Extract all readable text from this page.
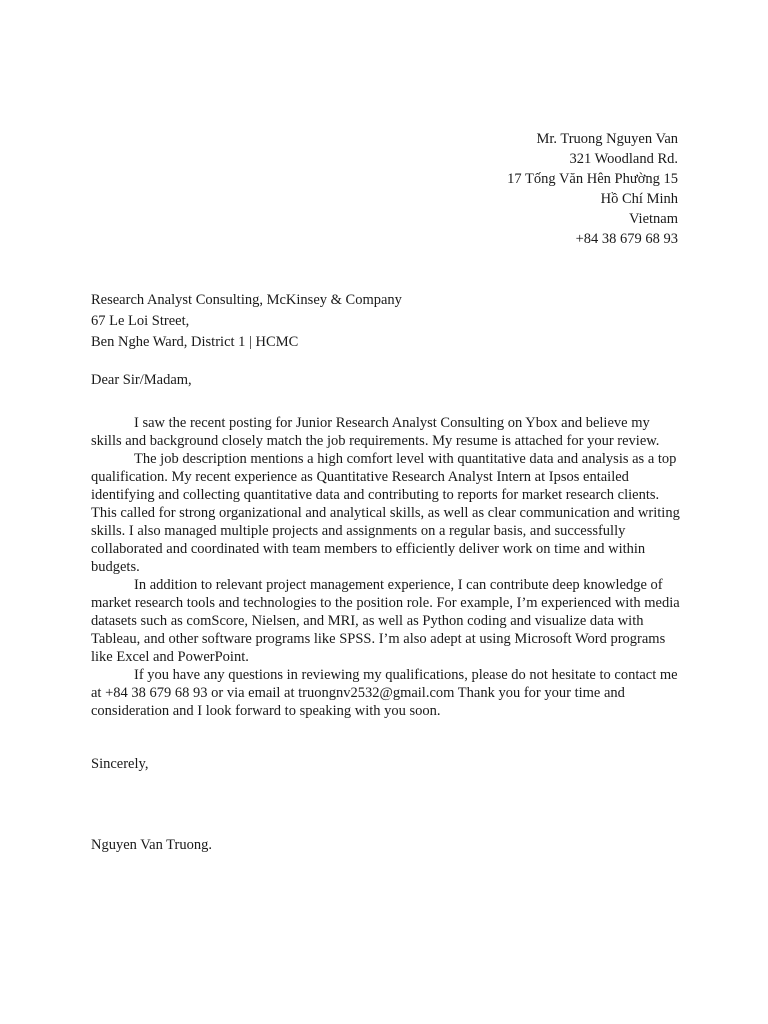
Mr. Truong Nguyen Van
321 Woodland Rd.
17 Tống Văn Hên Phường 15
Hồ Chí Minh
Vietnam
+84 38 679 68 93
Research Analyst Consulting, McKinsey & Company
67 Le Loi Street,
Ben Nghe Ward, District 1 | HCMC
Dear Sir/Madam,

I saw the recent posting for Junior Research Analyst Consulting on Ybox and believe my skills and background closely match the job requirements. My resume is attached for your review.

The job description mentions a high comfort level with quantitative data and analysis as a top qualification. My recent experience as Quantitative Research Analyst Intern at Ipsos entailed identifying and collecting quantitative data and contributing to reports for market research clients. This called for strong organizational and analytical skills, as well as clear communication and writing skills. I also managed multiple projects and assignments on a regular basis, and successfully collaborated and coordinated with team members to efficiently deliver work on time and within budgets.

In addition to relevant project management experience, I can contribute deep knowledge of market research tools and technologies to the position role. For example, I’m experienced with media datasets such as comScore, Nielsen, and MRI, as well as Python coding and visualize data with Tableau, and other software programs like SPSS. I’m also adept at using Microsoft Word programs like Excel and PowerPoint.

If you have any questions in reviewing my qualifications, please do not hesitate to contact me at +84 38 679 68 93 or via email at truongnv2532@gmail.com Thank you for your time and consideration and I look forward to speaking with you soon.

Sincerely,
Nguyen Van Truong.
